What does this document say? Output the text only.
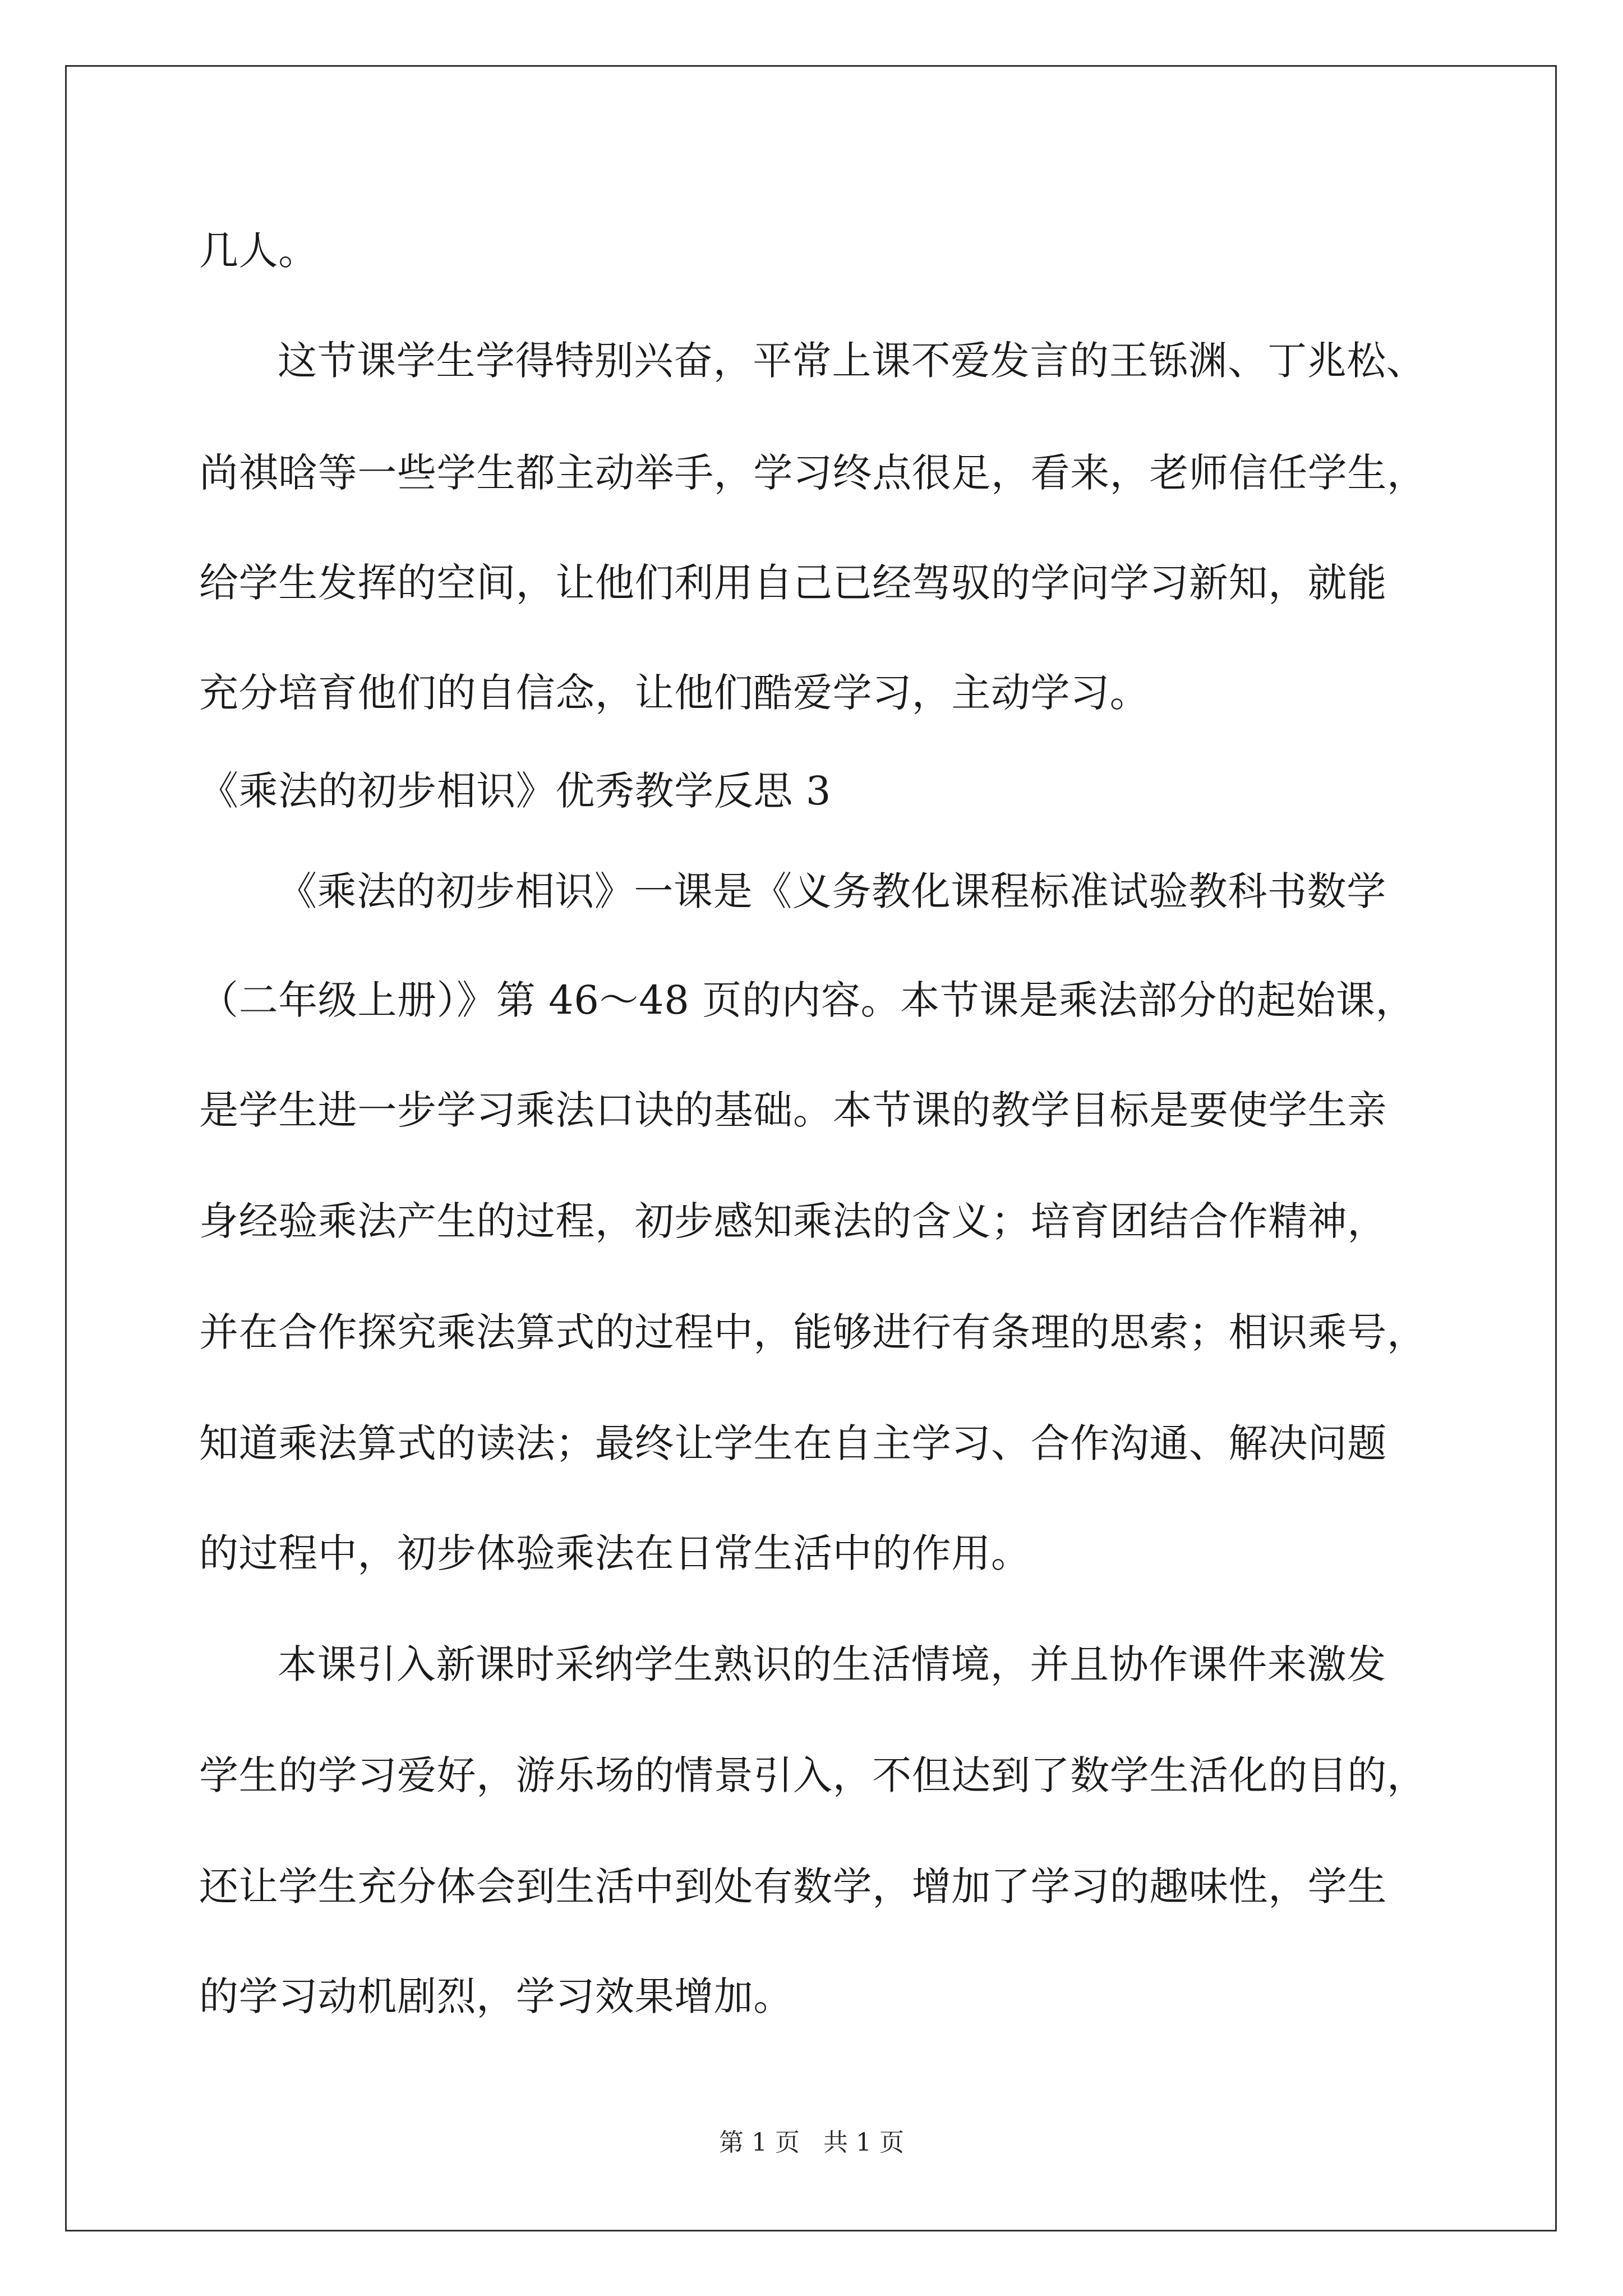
几人。
这节课学生学得特别兴奋，平常上课不爱发言的王铄渊、丁兆松、
尚祺晗等一些学生都主动举手，学习终点很足，看来，老师信任学生，
给学生发挥的空间，让他们利用自己已经驾驭的学问学习新知，就能
充分培育他们的自信念，让他们酷爱学习，主动学习。
《乘法的初步相识》优秀教学反思 3
《乘法的初步相识》一课是《义务教化课程标准试验教科书数学
（二年级上册）》第 46～48 页的内容。本节课是乘法部分的起始课，
是学生进一步学习乘法口诀的基础。本节课的教学目标是要使学生亲
身经验乘法产生的过程，初步感知乘法的含义；培育团结合作精神，
并在合作探究乘法算式的过程中，能够进行有条理的思索；相识乘号，
知道乘法算式的读法；最终让学生在自主学习、合作沟通、解决问题
的过程中，初步体验乘法在日常生活中的作用。
本课引入新课时采纳学生熟识的生活情境，并且协作课件来激发
学生的学习爱好，游乐场的情景引入，不但达到了数学生活化的目的，
还让学生充分体会到生活中到处有数学，增加了学习的趣味性，学生
的学习动机剧烈，学习效果增加。
第 1 页 共 1 页
